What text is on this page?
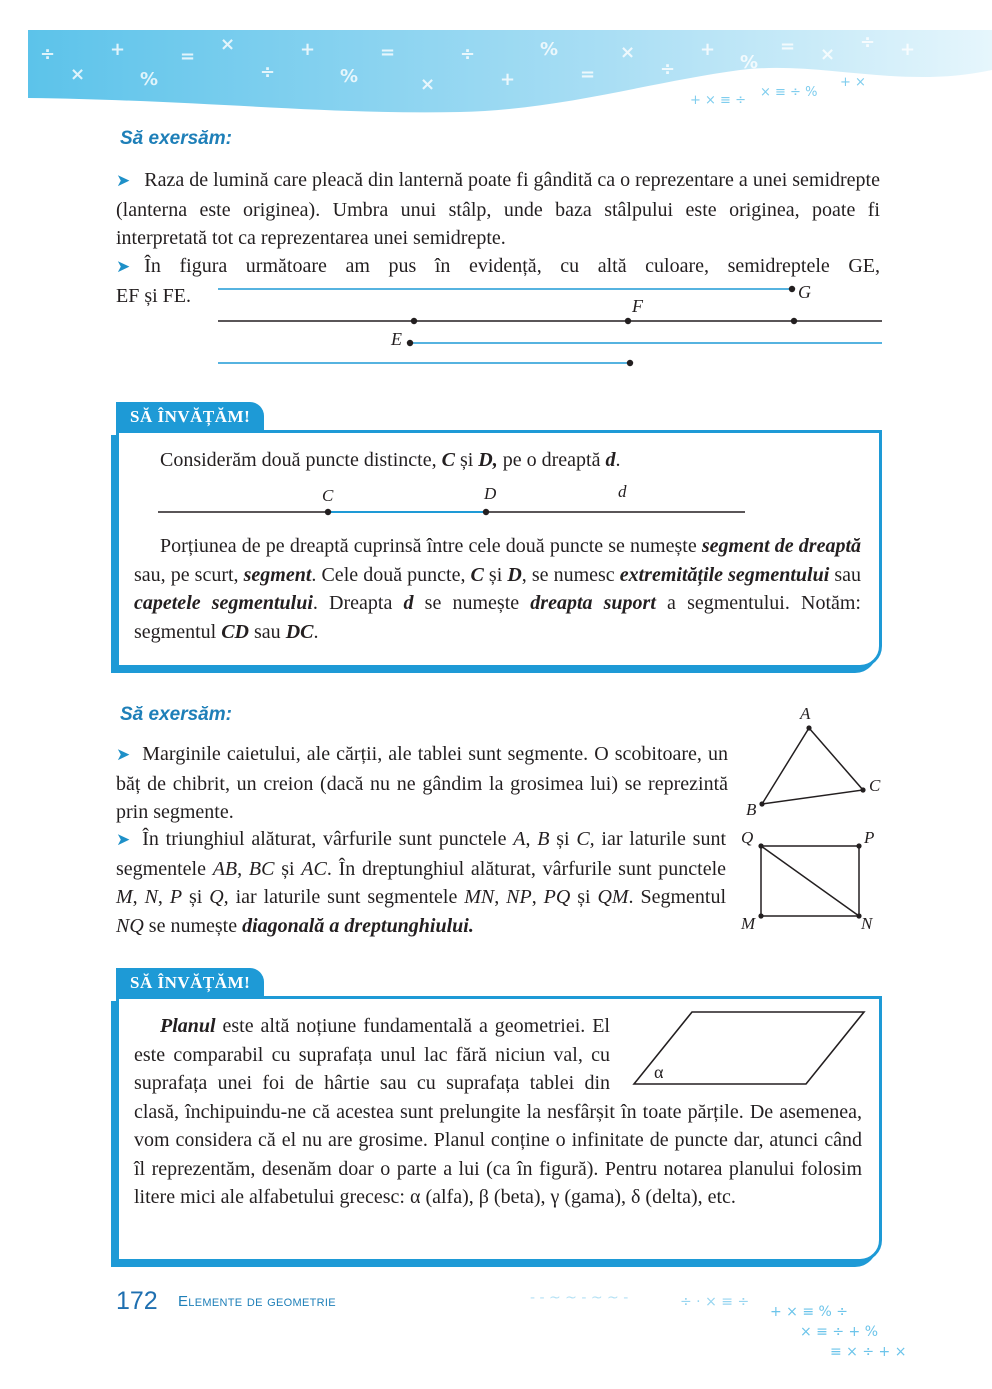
÷
×
+
%
=
×
÷
+
%
=
×
÷
+
%
=
×
÷
+
%
= ×
÷ +
+ × ≡ ÷
× ≡ ÷ %
+ ×
Să exersăm:

➤ Raza de lumină care pleacă din lanternă poate fi gândită ca o reprezentare a unei semidrepte (lanterna este originea). Umbra unui stâlp, unde baza stâlpului este originea, poate fi interpretată tot ca reprezentarea unei semidrepte.

➤ În figura următoare am pus în evidență, cu altă culoare, semidreptele GE,

EF și FE.	G
F
E
SĂ ÎNVĂȚĂM!
Considerăm două puncte distincte, C și D, pe o dreaptă d.
C	D	d

Porțiunea de pe dreaptă cuprinsă între cele două puncte se numește segment de dreaptă sau, pe scurt, segment. Cele două puncte, C și D, se numesc extremitățile segmentului sau capetele segmentului. Dreapta d se numește dreapta suport a segmentului. Notăm: segmentul CD sau DC.

Să exersăm:

➤ Marginile caietului, ale cărții, ale tablei sunt segmente. O scobitoare, un băț de chibrit, un creion (dacă nu ne gândim la grosimea lui) se reprezintă prin segmente.

➤ În triunghiul alăturat, vârfurile sunt punctele A, B și C, iar laturile sunt segmentele AB, BC și AC. În dreptunghiul alăturat, vârfurile sunt punctele M, N, P și Q, iar laturile sunt segmentele MN, NP, PQ și QM. Segmentul NQ se numește diagonală a dreptunghiului.

A
B
C
Q	P
M	N
SĂ ÎNVĂȚĂM!
α

Planul este altă noțiune fundamentală a geometriei. El este comparabil cu suprafața unul lac fără niciun val, cu suprafața unei foi de hârtie sau cu suprafața tablei din clasă, închipuindu-ne că acestea sunt prelungite la nesfârșit în toate părțile. De asemenea, vom considera că el nu are grosime. Planul conține o infinitate de puncte dar, atunci când îl reprezentăm, desenăm doar o parte a lui (ca în figură). Pentru notarea planului folosim litere mici ale alfabetului grecesc: α (alfa), β (beta), γ (gama), δ (delta), etc.

172 Elemente de geometrie	- - ~ ~ - ~ ~ -	÷ ⋅ × ≡ ÷
+ × ≡ % ÷
× ≡ ÷ + %
≡ × ÷ + ×
